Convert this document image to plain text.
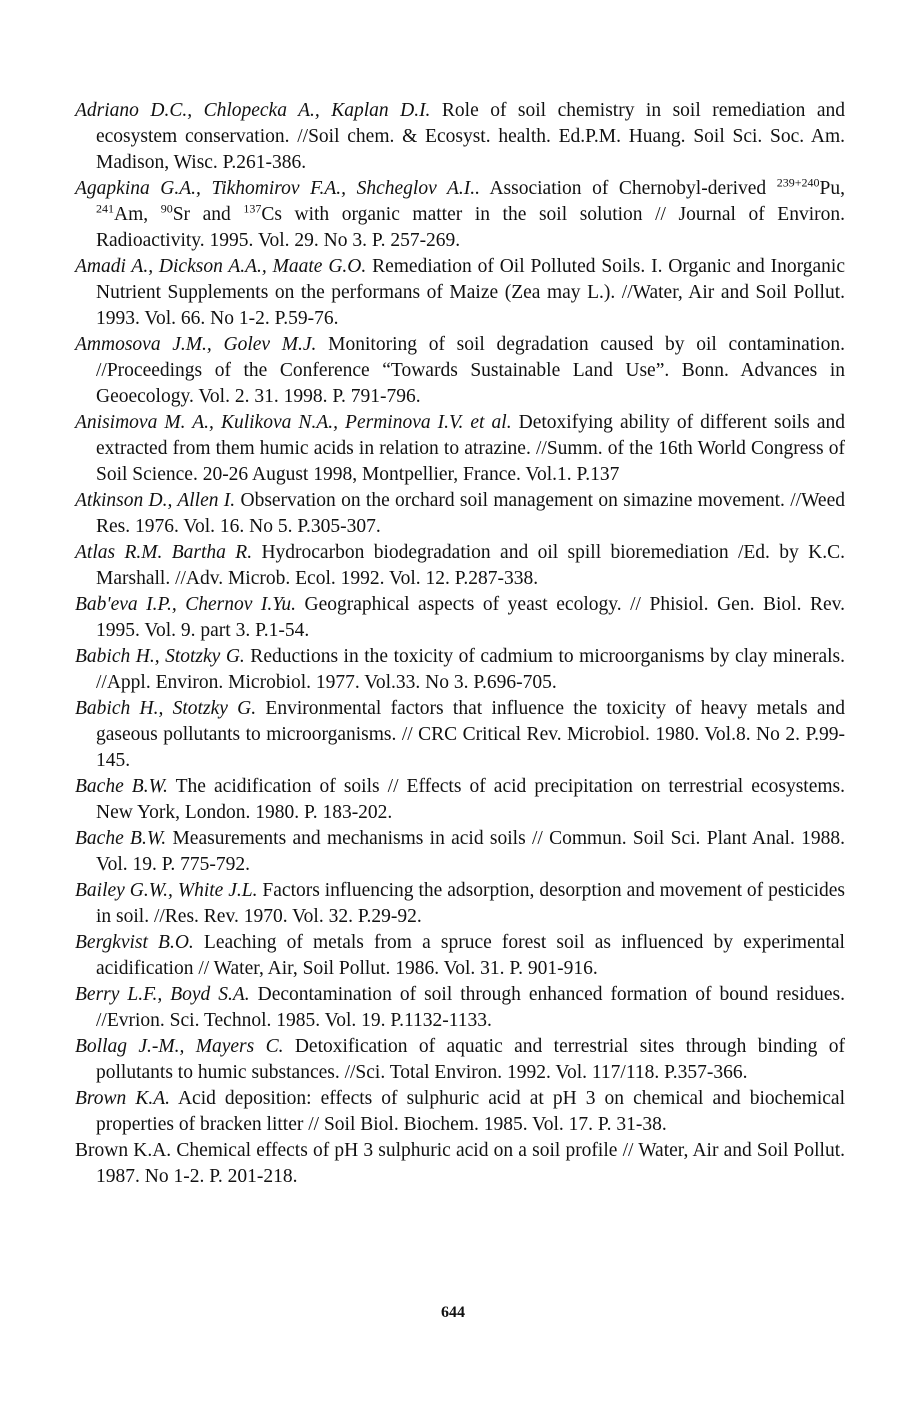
Adriano D.C., Chlopecka A., Kaplan D.I. Role of soil chemistry in soil remediation and ecosystem conservation. //Soil chem. & Ecosyst. health. Ed.P.M. Huang. Soil Sci. Soc. Am. Madison, Wisc. P.261-386.

Agapkina G.A., Tikhomirov F.A., Shcheglov A.I.. Association of Chernobyl-derived $^{239+240}$Pu, $^{241}$Am, $^{90}$Sr and $^{137}$Cs with organic matter in the soil solution // Journal of Environ. Radioactivity. 1995. Vol. 29. No 3. P. 257-269.

Amadi A., Dickson A.A., Maate G.O. Remediation of Oil Polluted Soils. I. Organic and Inorganic Nutrient Supplements on the performans of Maize (Zea may L.). //Water, Air and Soil Pollut. 1993. Vol. 66. No 1-2. P.59-76.

Ammosova J.M., Golev M.J. Monitoring of soil degradation caused by oil contamination. //Proceedings of the Conference “Towards Sustainable Land Use”. Bonn. Advances in Geoecology. Vol. 2. 31. 1998. P. 791-796.

Anisimova M. A., Kulikova N.A., Perminova I.V. et al. Detoxifying ability of different soils and extracted from them humic acids in relation to atrazine. //Summ. of the 16th World Congress of Soil Science. 20-26 August 1998, Montpellier, France. Vol.1. P.137

Atkinson D., Allen I. Observation on the orchard soil management on simazine movement. //Weed Res. 1976. Vol. 16. No 5. P.305-307.

Atlas R.M. Bartha R. Hydrocarbon biodegradation and oil spill bioremediation /Ed. by K.C. Marshall. //Adv. Microb. Ecol. 1992. Vol. 12. P.287-338.

Bab'eva I.P., Chernov I.Yu. Geographical aspects of yeast ecology. // Phisiol. Gen. Biol. Rev. 1995. Vol. 9. part 3. P.1-54.

Babich H., Stotzky G. Reductions in the toxicity of cadmium to microorganisms by clay minerals. //Appl. Environ. Microbiol. 1977. Vol.33. No 3. P.696-705.

Babich H., Stotzky G. Environmental factors that influence the toxicity of heavy metals and gaseous pollutants to microorganisms. // CRC Critical Rev. Microbiol. 1980. Vol.8. No 2. P.99-145.

Bache B.W. The acidification of soils // Effects of acid precipitation on terrestrial ecosystems. New York, London. 1980. P. 183-202.

Bache B.W. Measurements and mechanisms in acid soils // Commun. Soil Sci. Plant Anal. 1988. Vol. 19. P. 775-792.

Bailey G.W., White J.L. Factors influencing the adsorption, desorption and movement of pesticides in soil. //Res. Rev. 1970. Vol. 32. P.29-92.

Bergkvist B.O. Leaching of metals from a spruce forest soil as influenced by experimental acidification // Water, Air, Soil Pollut. 1986. Vol. 31. P. 901-916.

Berry L.F., Boyd S.A. Decontamination of soil through enhanced formation of bound residues. //Evrion. Sci. Technol. 1985. Vol. 19. P.1132-1133.

Bollag J.-M., Mayers C. Detoxification of aquatic and terrestrial sites through binding of pollutants to humic substances. //Sci. Total Environ. 1992. Vol. 117/118. P.357-366.

Brown K.A. Acid deposition: effects of sulphuric acid at pH 3 on chemical and biochemical properties of bracken litter // Soil Biol. Biochem. 1985. Vol. 17. P. 31-38.

Brown K.A. Chemical effects of pH 3 sulphuric acid on a soil profile // Water, Air and Soil Pollut. 1987. No 1-2. P. 201-218.

644
